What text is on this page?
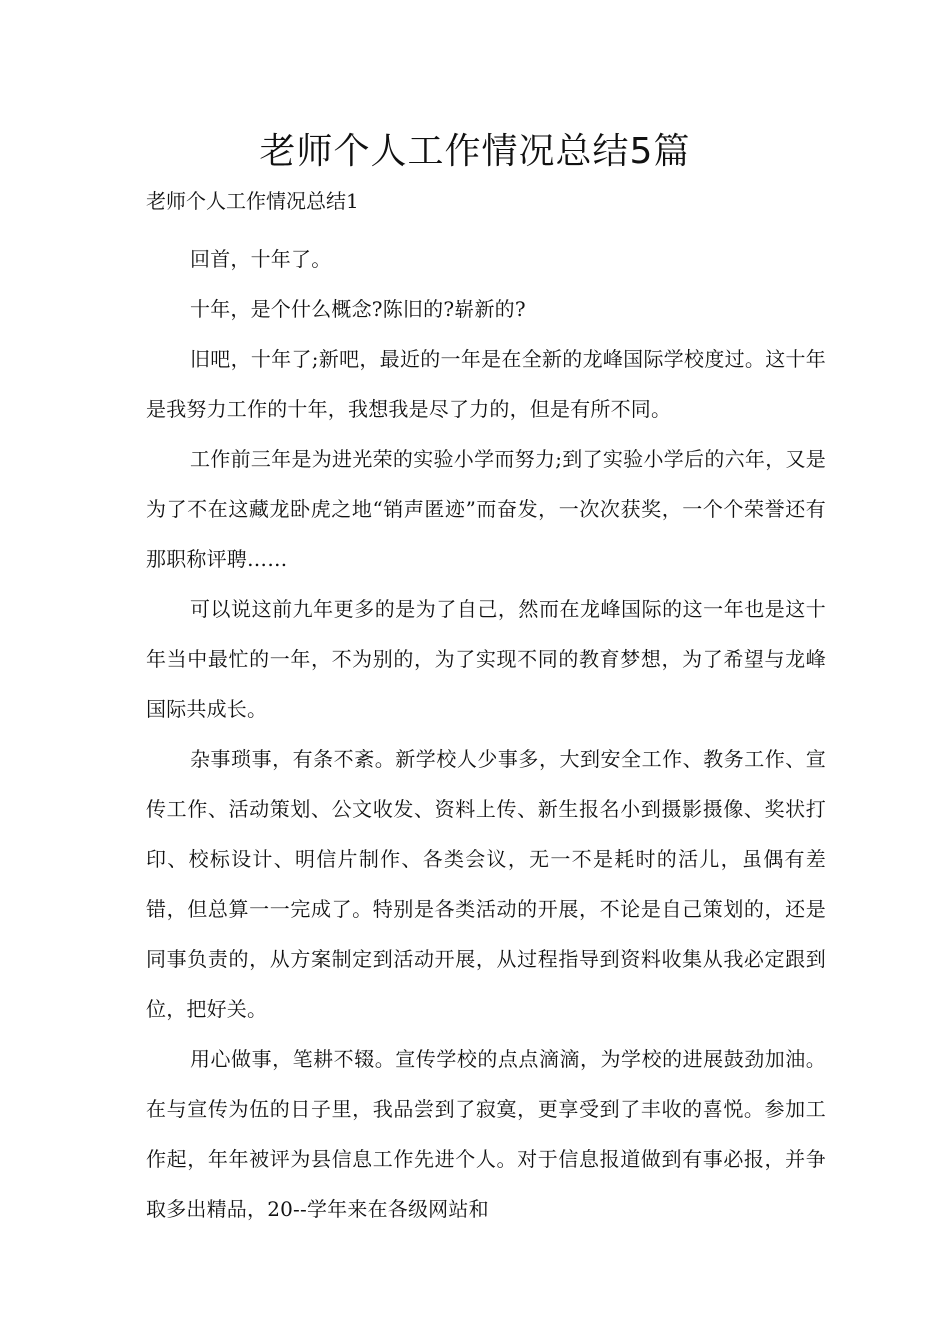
老师个人工作情况总结5篇

老师个人工作情况总结1

回首，十年了。

十年，是个什么概念?陈旧的?崭新的?

旧吧，十年了;新吧，最近的一年是在全新的龙峰国际学校度过。这十年是我努力工作的十年，我想我是尽了力的，但是有所不同。

工作前三年是为进光荣的实验小学而努力;到了实验小学后的六年，又是为了不在这藏龙卧虎之地“销声匿迹”而奋发，一次次获奖，一个个荣誉还有那职称评聘……

可以说这前九年更多的是为了自己，然而在龙峰国际的这一年也是这十年当中最忙的一年，不为别的，为了实现不同的教育梦想，为了希望与龙峰国际共成长。

杂事琐事，有条不紊。新学校人少事多，大到安全工作、教务工作、宣传工作、活动策划、公文收发、资料上传、新生报名小到摄影摄像、奖状打印、校标设计、明信片制作、各类会议，无一不是耗时的活儿，虽偶有差错，但总算一一完成了。特别是各类活动的开展，不论是自己策划的，还是同事负责的，从方案制定到活动开展，从过程指导到资料收集从我必定跟到位，把好关。

用心做事，笔耕不辍。宣传学校的点点滴滴，为学校的进展鼓劲加油。在与宣传为伍的日子里，我品尝到了寂寞，更享受到了丰收的喜悦。参加工作起，年年被评为县信息工作先进个人。对于信息报道做到有事必报，并争取多出精品，20--学年来在各级网站和
